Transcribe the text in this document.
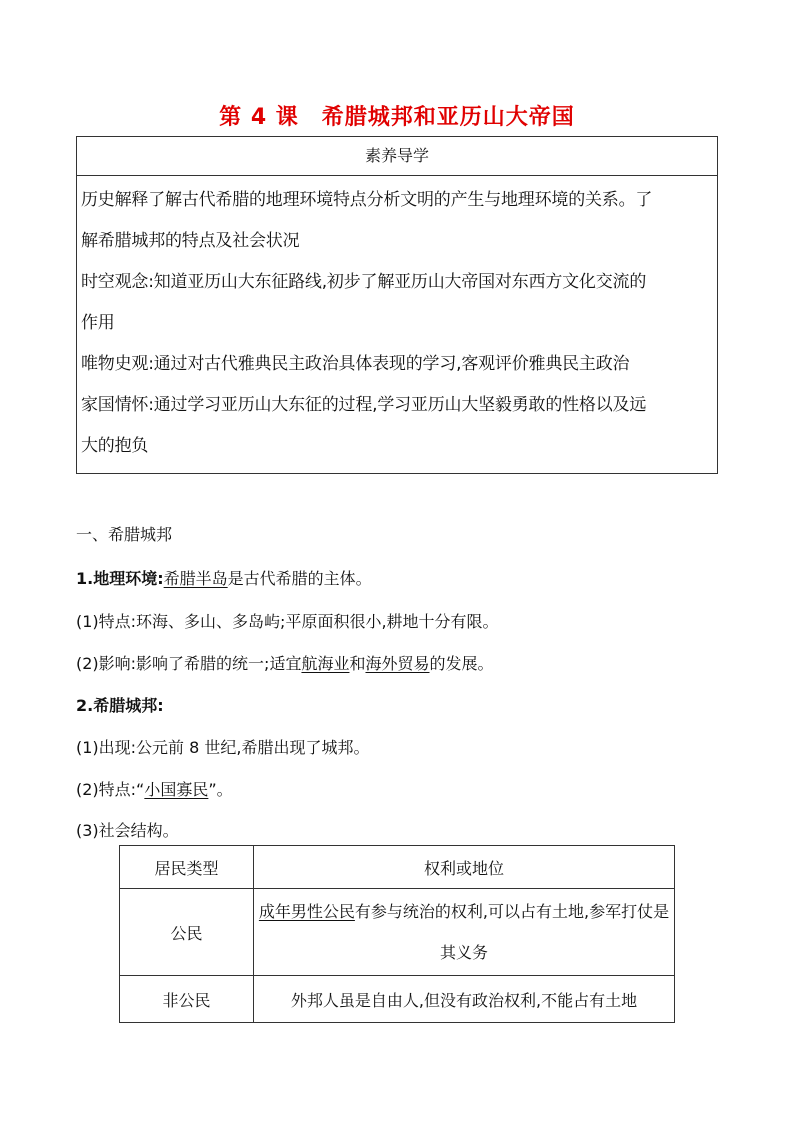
第 4 课　希腊城邦和亚历山大帝国
素养导学

历史解释了解古代希腊的地理环境特点分析文明的产生与地理环境的关系。了

解希腊城邦的特点及社会状况

时空观念:知道亚历山大东征路线,初步了解亚历山大帝国对东西方文化交流的

作用

唯物史观:通过对古代雅典民主政治具体表现的学习,客观评价雅典民主政治

家国情怀:通过学习亚历山大东征的过程,学习亚历山大坚毅勇敢的性格以及远

大的抱负

一、希腊城邦
1.地理环境:希腊半岛是古代希腊的主体。
(1)特点:环海、多山、多岛屿;平原面积很小,耕地十分有限。
(2)影响:影响了希腊的统一;适宜航海业和海外贸易的发展。
2.希腊城邦:
(1)出现:公元前 8 世纪,希腊出现了城邦。
(2)特点:“小国寡民”。
(3)社会结构。
居民类型	权利或地位
公民	成年男性公民有参与统治的权利,可以占有土地,参军打仗是其义务
非公民	外邦人虽是自由人,但没有政治权利,不能占有土地
